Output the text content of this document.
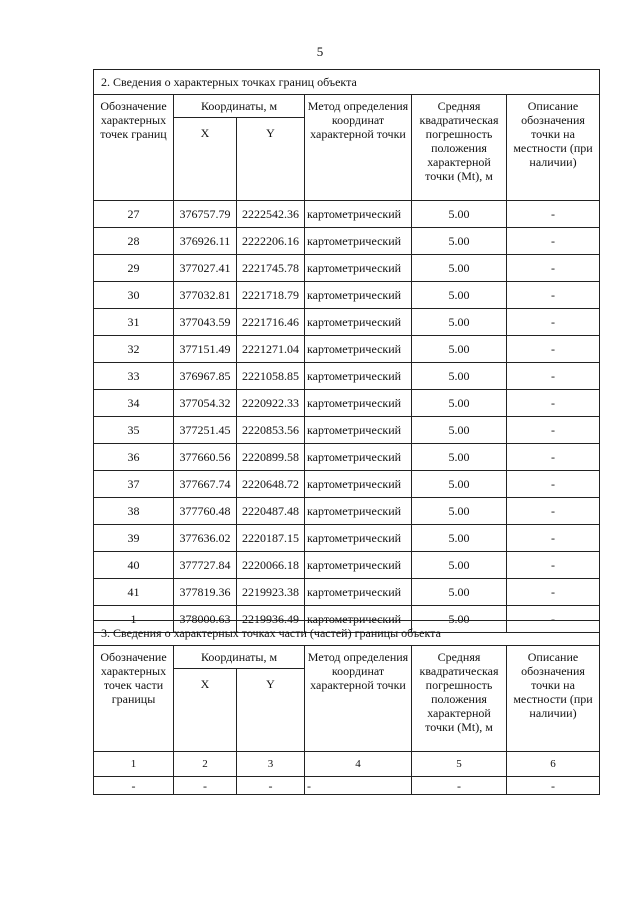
5
2. Сведения о характерных точках границ объекта					
Обозначение характерных точек границ	Координаты, м		Метод определения координат характерной точки	Средняя квадратическая погрешность положения характерной точки (Mt), м	Описание обозначения точки на местности (при наличии)
	X	Y			
27	376757.79	2222542.36	картометрический	5.00	-
28	376926.11	2222206.16	картометрический	5.00	-
29	377027.41	2221745.78	картометрический	5.00	-
30	377032.81	2221718.79	картометрический	5.00	-
31	377043.59	2221716.46	картометрический	5.00	-
32	377151.49	2221271.04	картометрический	5.00	-
33	376967.85	2221058.85	картометрический	5.00	-
34	377054.32	2220922.33	картометрический	5.00	-
35	377251.45	2220853.56	картометрический	5.00	-
36	377660.56	2220899.58	картометрический	5.00	-
37	377667.74	2220648.72	картометрический	5.00	-
38	377760.48	2220487.48	картометрический	5.00	-
39	377636.02	2220187.15	картометрический	5.00	-
40	377727.84	2220066.18	картометрический	5.00	-
41	377819.36	2219923.38	картометрический	5.00	-
1	378000.63	2219936.49	картометрический	5.00	-
3. Сведения о характерных точках части (частей) границы объекта					
Обозначение характерных точек части границы	Координаты, м		Метод определения координат характерной точки	Средняя квадратическая погрешность положения характерной точки (Mt), м	Описание обозначения точки на местности (при наличии)
	X	Y			
1	2	3	4	5	6
-	-	-	-	-	-
